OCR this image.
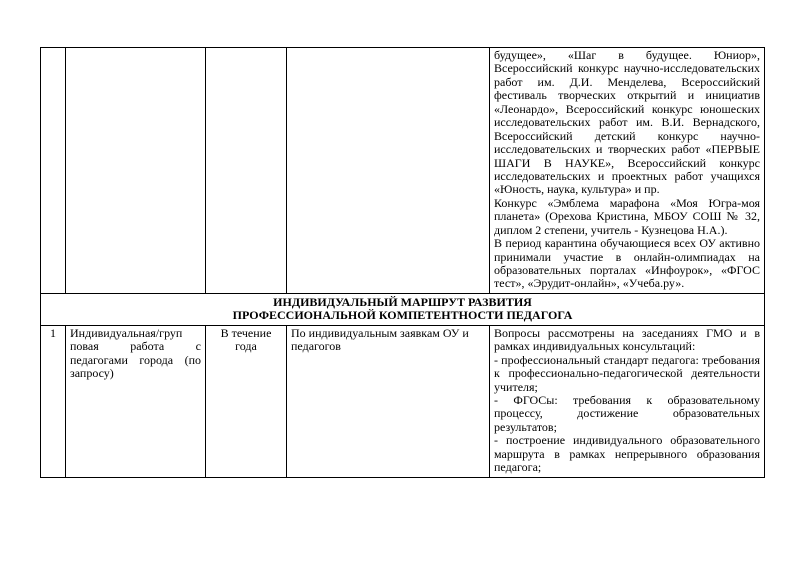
				будущее», «Шаг в будущее. Юниор», Всероссийский конкурс научно-исследовательских работ им. Д.И. Менделева, Всероссийский фестиваль творческих открытий и инициатив «Леонардо», Всероссийский конкурс юношеских исследовательских работ им. В.И. Вернадского, Всероссийский детский конкурс научно-исследовательских и творческих работ «ПЕРВЫЕ ШАГИ В НАУКЕ», Всероссийский конкурс исследовательских и проектных работ учащихся «Юность, наука, культура» и пр.

Конкурс «Эмблема марафона «Моя Югра-моя планета» (Орехова Кристина, МБОУ СОШ № 32, диплом 2 степени, учитель - Кузнецова Н.А.).

В период карантина обучающиеся всех ОУ активно принимали участие в онлайн-олимпиадах на образовательных порталах «Инфоурок», «ФГОС тест», «Эрудит-онлайн», «Учеба.ру».

ИНДИВИДУАЛЬНЫЙ МАРШРУТ РАЗВИТИЯ
ПРОФЕССИОНАЛЬНОЙ КОМПЕТЕНТНОСТИ ПЕДАГОГА				

1	Индивидуальная/груп повая работа с педагогами города (по запросу)	В течение года	По индивидуальным заявкам ОУ и педагогов	Вопросы рассмотрены на заседаниях ГМО и в рамках индивидуальных консультаций:

- профессиональный стандарт педагога: требования к профессионально-педагогической деятельности учителя;

- ФГОСы: требования к образовательному процессу, достижение образовательных результатов;

- построение индивидуального образовательного маршрута в рамках непрерывного образования педагога;
